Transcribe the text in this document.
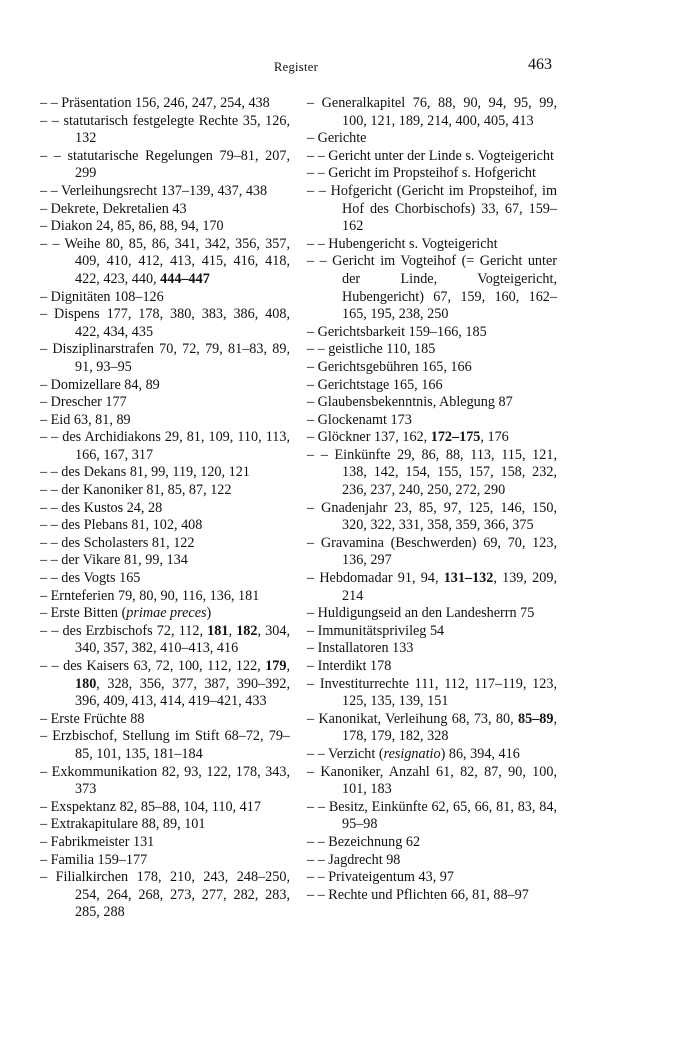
Register	463
– – Präsentation 156, 246, 247, 254, 438
– – statutarisch festgelegte Rechte 35, 126, 132
– – statutarische Regelungen 79–81, 207, 299
– – Verleihungsrecht 137–139, 437, 438
– Dekrete, Dekretalien 43
– Diakon 24, 85, 86, 88, 94, 170
– – Weihe 80, 85, 86, 341, 342, 356, 357, 409, 410, 412, 413, 415, 416, 418, 422, 423, 440, 444–447
– Dignitäten 108–126
– Dispens 177, 178, 380, 383, 386, 408, 422, 434, 435
– Disziplinarstrafen 70, 72, 79, 81–83, 89, 91, 93–95
– Domizellare 84, 89
– Drescher 177
– Eid 63, 81, 89
– – des Archidiakons 29, 81, 109, 110, 113, 166, 167, 317
– – des Dekans 81, 99, 119, 120, 121
– – der Kanoniker 81, 85, 87, 122
– – des Kustos 24, 28
– – des Plebans 81, 102, 408
– – des Scholasters 81, 122
– – der Vikare 81, 99, 134
– – des Vogts 165
– Ernteferien 79, 80, 90, 116, 136, 181
– Erste Bitten (primae preces)
– – des Erzbischofs 72, 112, 181, 182, 304, 340, 357, 382, 410–413, 416
– – des Kaisers 63, 72, 100, 112, 122, 179, 180, 328, 356, 377, 387, 390–392, 396, 409, 413, 414, 419–421, 433
– Erste Früchte 88
– Erzbischof, Stellung im Stift 68–72, 79–85, 101, 135, 181–184
– Exkommunikation 82, 93, 122, 178, 343, 373
– Exspektanz 82, 85–88, 104, 110, 417
– Extrakapitulare 88, 89, 101
– Fabrikmeister 131
– Familia 159–177
– Filialkirchen 178, 210, 243, 248–250, 254, 264, 268, 273, 277, 282, 283, 285, 288
– Generalkapitel 76, 88, 90, 94, 95, 99, 100, 121, 189, 214, 400, 405, 413
– Gerichte
– – Gericht unter der Linde s. Vogteigericht
– – Gericht im Propsteihof s. Hofgericht
– – Hofgericht (Gericht im Propsteihof, im Hof des Chorbischofs) 33, 67, 159–162
– – Hubengericht s. Vogteigericht
– – Gericht im Vogteihof (= Gericht unter der Linde, Vogteigericht, Hubengericht) 67, 159, 160, 162–165, 195, 238, 250
– Gerichtsbarkeit 159–166, 185
– – geistliche 110, 185
– Gerichtsgebühren 165, 166
– Gerichtstage 165, 166
– Glaubensbekenntnis, Ablegung 87
– Glockenamt 173
– Glöckner 137, 162, 172–175, 176
– – Einkünfte 29, 86, 88, 113, 115, 121, 138, 142, 154, 155, 157, 158, 232, 236, 237, 240, 250, 272, 290
– Gnadenjahr 23, 85, 97, 125, 146, 150, 320, 322, 331, 358, 359, 366, 375
– Gravamina (Beschwerden) 69, 70, 123, 136, 297
– Hebdomadar 91, 94, 131–132, 139, 209, 214
– Huldigungseid an den Landesherrn 75
– Immunitätsprivileg 54
– Installatoren 133
– Interdikt 178
– Investiturrechte 111, 112, 117–119, 123, 125, 135, 139, 151
– Kanonikat, Verleihung 68, 73, 80, 85–89, 178, 179, 182, 328
– – Verzicht (resignatio) 86, 394, 416
– Kanoniker, Anzahl 61, 82, 87, 90, 100, 101, 183
– – Besitz, Einkünfte 62, 65, 66, 81, 83, 84, 95–98
– – Bezeichnung 62
– – Jagdrecht 98
– – Privateigentum 43, 97
– – Rechte und Pflichten 66, 81, 88–97
